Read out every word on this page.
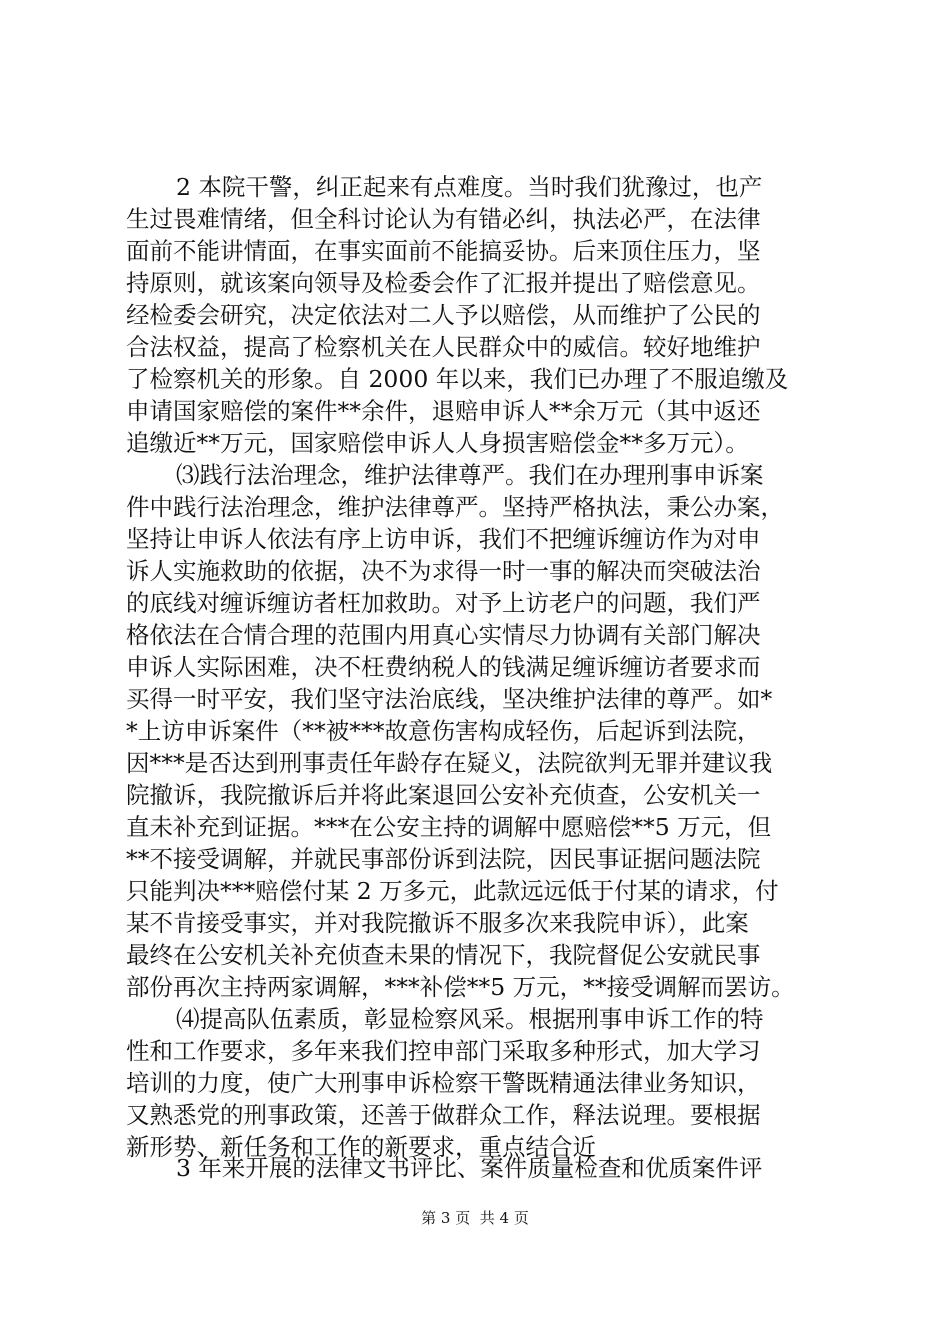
2 本院干警，纠正起来有点难度。当时我们犹豫过，也产
生过畏难情绪，但全科讨论认为有错必纠，执法必严，在法律
面前不能讲情面，在事实面前不能搞妥协。后来顶住压力，坚
持原则，就该案向领导及检委会作了汇报并提出了赔偿意见。
经检委会研究，决定依法对二人予以赔偿，从而维护了公民的
合法权益，提高了检察机关在人民群众中的威信。较好地维护
了检察机关的形象。自 2000 年以来，我们已办理了不服追缴及
申请国家赔偿的案件**余件，退赔申诉人**余万元（其中返还
追缴近**万元，国家赔偿申诉人人身损害赔偿金**多万元）。
⑶践行法治理念，维护法律尊严。我们在办理刑事申诉案
件中践行法治理念，维护法律尊严。坚持严格执法，秉公办案，
坚持让申诉人依法有序上访申诉，我们不把缠诉缠访作为对申
诉人实施救助的依据，决不为求得一时一事的解决而突破法治
的底线对缠诉缠访者枉加救助。对予上访老户的问题，我们严
格依法在合情合理的范围内用真心实情尽力协调有关部门解决
申诉人实际困难，决不枉费纳税人的钱满足缠诉缠访者要求而
买得一时平安，我们坚守法治底线，坚决维护法律的尊严。如*
*上访申诉案件（**被***故意伤害构成轻伤，后起诉到法院，
因***是否达到刑事责任年龄存在疑义，法院欲判无罪并建议我
院撤诉，我院撤诉后并将此案退回公安补充侦查，公安机关一
直未补充到证据。***在公安主持的调解中愿赔偿**5 万元，但
**不接受调解，并就民事部份诉到法院，因民事证据问题法院
只能判决***赔偿付某 2 万多元，此款远远低于付某的请求，付
某不肯接受事实，并对我院撤诉不服多次来我院申诉），此案
最终在公安机关补充侦查未果的情况下，我院督促公安就民事
部份再次主持两家调解，***补偿**5 万元，**接受调解而罢访。
⑷提高队伍素质，彰显检察风采。根据刑事申诉工作的特
性和工作要求，多年来我们控申部门采取多种形式，加大学习
培训的力度，使广大刑事申诉检察干警既精通法律业务知识，
又熟悉党的刑事政策，还善于做群众工作，释法说理。要根据
新形势、新任务和工作的新要求，重点结合近
3 年来开展的法律文书评比、案件质量检查和优质案件评
第 3 页  共 4 页
